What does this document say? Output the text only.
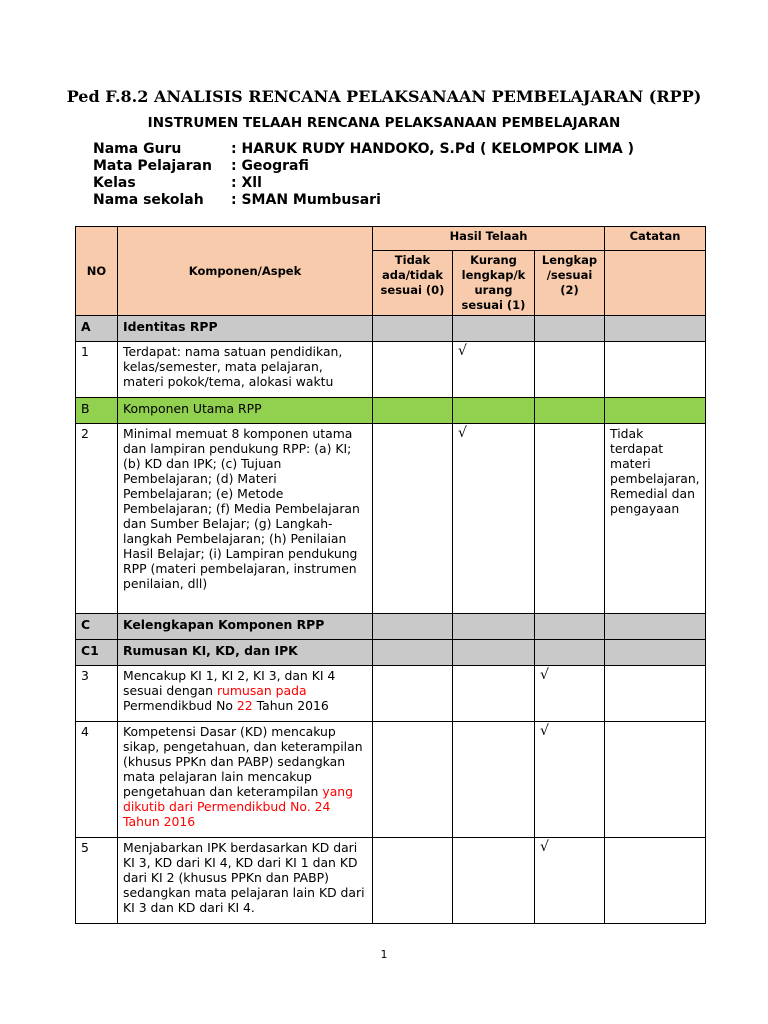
Ped F.8.2 ANALISIS RENCANA PELAKSANAAN PEMBELAJARAN (RPP)
INSTRUMEN TELAAH RENCANA PELAKSANAAN PEMBELAJARAN
Nama Guru	: HARUK RUDY HANDOKO, S.Pd ( KELOMPOK LIMA )
Mata Pelajaran : Geografi
Kelas	: Xll
Nama sekolah : SMAN Mumbusari
NO	Komponen/Aspek	Hasil Telaah			Catatan
		Tidak ada/tidak sesuai (0)	Kurang lengkap/k urang sesuai (1)	Lengkap /sesuai (2)	
A	Identitas RPP				
1	Terdapat: nama satuan pendidikan, kelas/semester, mata pelajaran, materi pokok/tema, alokasi waktu		√		
B	Komponen Utama RPP				
2	Minimal memuat 8 komponen utama dan lampiran pendukung RPP: (a) KI; (b) KD dan IPK; (c) Tujuan Pembelajaran; (d) Materi Pembelajaran; (e) Metode Pembelajaran; (f) Media Pembelajaran dan Sumber Belajar; (g) Langkah-langkah Pembelajaran; (h) Penilaian Hasil Belajar; (i) Lampiran pendukung RPP (materi pembelajaran, instrumen penilaian, dll)		√		Tidak terdapat materi pembelajaran, Remedial dan pengayaan
C	Kelengkapan Komponen RPP				
C1	Rumusan KI, KD, dan IPK				
3	Mencakup KI 1, KI 2, KI 3, dan KI 4 sesuai dengan rumusan pada Permendikbud No 22 Tahun 2016			√	
4	Kompetensi Dasar (KD) mencakup sikap, pengetahuan, dan keterampilan (khusus PPKn dan PABP) sedangkan mata pelajaran lain mencakup pengetahuan dan keterampilan yang dikutib dari Permendikbud No. 24 Tahun 2016			√	
5	Menjabarkan IPK berdasarkan KD dari KI 3, KD dari KI 4, KD dari KI 1 dan KD dari KI 2 (khusus PPKn dan PABP) sedangkan mata pelajaran lain KD dari KI 3 dan KD dari KI 4.			√	
1
